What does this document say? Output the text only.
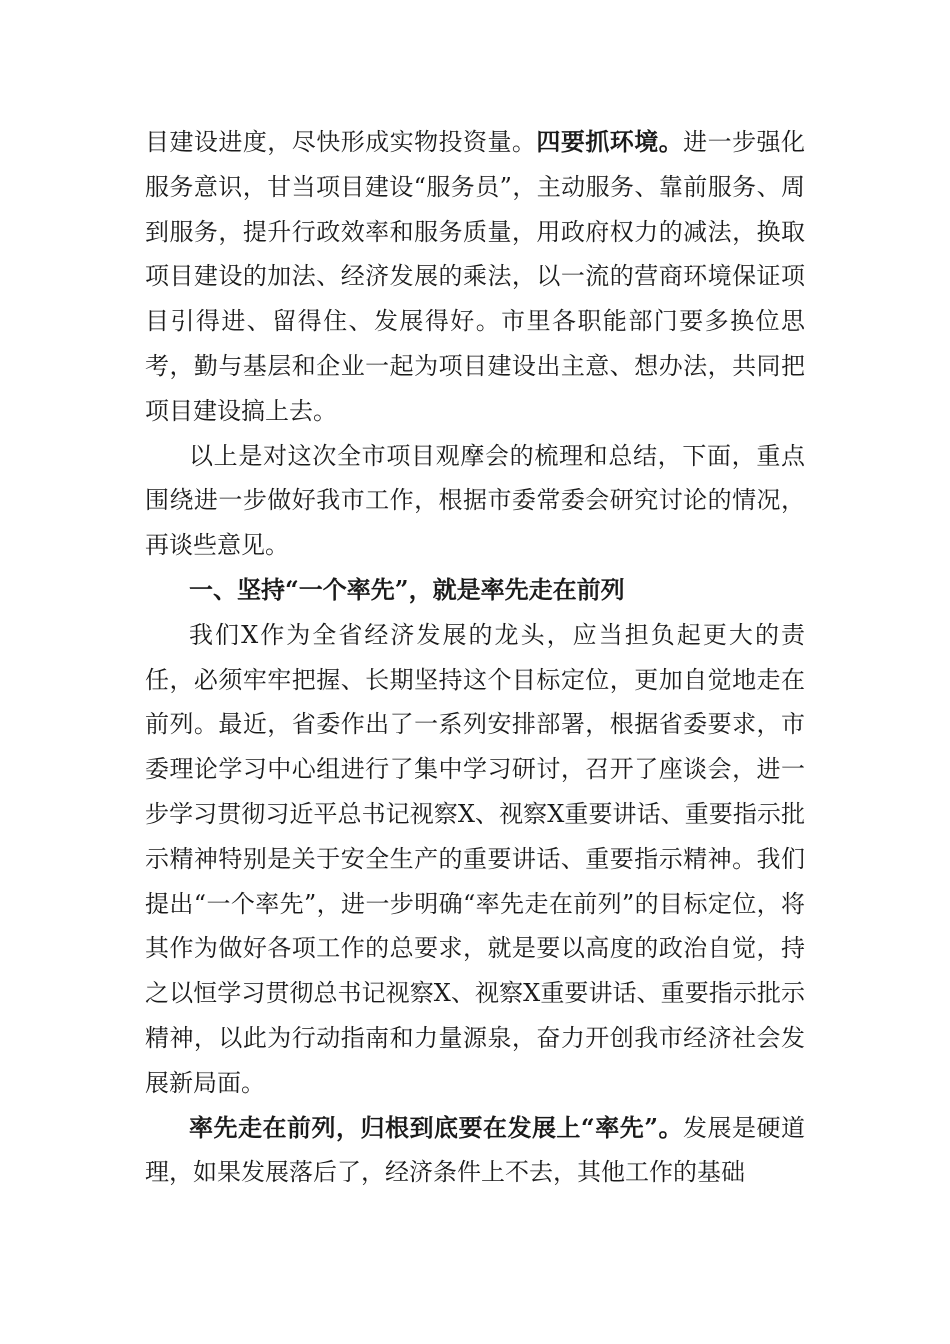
目建设进度，尽快形成实物投资量。四要抓环境。进一步强化服务意识，甘当项目建设“服务员”，主动服务、靠前服务、周到服务，提升行政效率和服务质量，用政府权力的减法，换取项目建设的加法、经济发展的乘法，以一流的营商环境保证项目引得进、留得住、发展得好。市里各职能部门要多换位思考，勤与基层和企业一起为项目建设出主意、想办法，共同把项目建设搞上去。

以上是对这次全市项目观摩会的梳理和总结，下面，重点围绕进一步做好我市工作，根据市委常委会研究讨论的情况，再谈些意见。

一、坚持“一个率先”，就是率先走在前列

我们X作为全省经济发展的龙头，应当担负起更大的责任，必须牢牢把握、长期坚持这个目标定位，更加自觉地走在前列。最近，省委作出了一系列安排部署，根据省委要求，市委理论学习中心组进行了集中学习研讨，召开了座谈会，进一步学习贯彻习近平总书记视察X、视察X重要讲话、重要指示批示精神特别是关于安全生产的重要讲话、重要指示精神。我们提出“一个率先”，进一步明确“率先走在前列”的目标定位，将其作为做好各项工作的总要求，就是要以高度的政治自觉，持之以恒学习贯彻总书记视察X、视察X重要讲话、重要指示批示精神，以此为行动指南和力量源泉，奋力开创我市经济社会发展新局面。

率先走在前列，归根到底要在发展上“率先”。发展是硬道理，如果发展落后了，经济条件上不去，其他工作的基础
